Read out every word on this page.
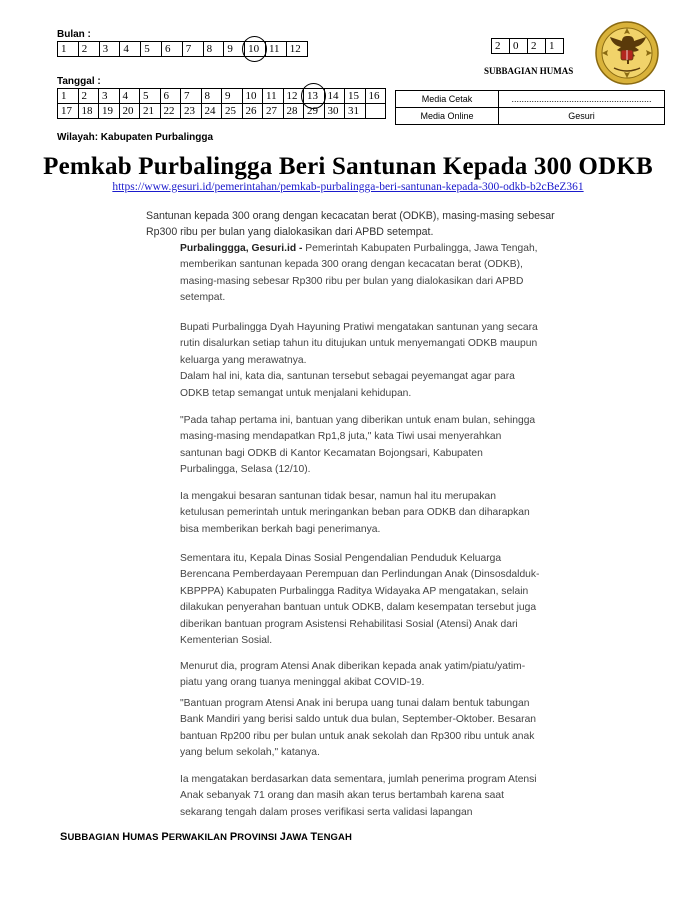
Bulan :
1	2	3	4	5	6	7	8	9	10	11	12	2	0	2	1
SUBBAGIAN HUMAS
Tanggal :
1	2	3	4	5	6	7	8	9	10	11	12	13	14	15	16
17	18	19	20	21	22	23	24	25	26	27	28	29	30	31	
Media Cetak	........................................................
Media Online	Gesuri
Wilayah: Kabupaten Purbalingga
Pemkab Purbalingga Beri Santunan Kepada 300 ODKB
https://www.gesuri.id/pemerintahan/pemkab-purbalingga-beri-santunan-kepada-300-odkb-b2cBeZ361
Santunan kepada 300 orang dengan kecacatan berat (ODKB), masing-masing sebesar Rp300 ribu per bulan yang dialokasikan dari APBD setempat.
Purbalinggga, Gesuri.id - Pemerintah Kabupaten Purbalingga, Jawa Tengah,
memberikan santunan kepada 300 orang dengan kecacatan berat (ODKB),
masing-masing sebesar Rp300 ribu per bulan yang dialokasikan dari APBD
setempat.
Bupati Purbalingga Dyah Hayuning Pratiwi mengatakan santunan yang secara
rutin disalurkan setiap tahun itu ditujukan untuk menyemangati ODKB maupun
keluarga yang merawatnya.
Dalam hal ini, kata dia, santunan tersebut sebagai peyemangat agar para
ODKB tetap semangat untuk menjalani kehidupan.
"Pada tahap pertama ini, bantuan yang diberikan untuk enam bulan, sehingga
masing-masing mendapatkan Rp1,8 juta," kata Tiwi usai menyerahkan
santunan bagi ODKB di Kantor Kecamatan Bojongsari, Kabupaten
Purbalingga, Selasa (12/10).
Ia mengakui besaran santunan tidak besar, namun hal itu merupakan
ketulusan pemerintah untuk meringankan beban para ODKB dan diharapkan
bisa memberikan berkah bagi penerimanya.
Sementara itu, Kepala Dinas Sosial Pengendalian Penduduk Keluarga
Berencana Pemberdayaan Perempuan dan Perlindungan Anak (Dinsosdalduk-
KBPPPA) Kabupaten Purbalingga Raditya Widayaka AP mengatakan, selain
dilakukan penyerahan bantuan untuk ODKB, dalam kesempatan tersebut juga
diberikan bantuan program Asistensi Rehabilitasi Sosial (Atensi) Anak dari
Kementerian Sosial.
Menurut dia, program Atensi Anak diberikan kepada anak yatim/piatu/yatim-
piatu yang orang tuanya meninggal akibat COVID-19.
"Bantuan program Atensi Anak ini berupa uang tunai dalam bentuk tabungan
Bank Mandiri yang berisi saldo untuk dua bulan, September-Oktober. Besaran
bantuan Rp200 ribu per bulan untuk anak sekolah dan Rp300 ribu untuk anak
yang belum sekolah," katanya.
Ia mengatakan berdasarkan data sementara, jumlah penerima program Atensi
Anak sebanyak 71 orang dan masih akan terus bertambah karena saat
sekarang tengah dalam proses verifikasi serta validasi lapangan
SUBBAGIAN HUMAS PERWAKILAN PROVINSI JAWA TENGAH
